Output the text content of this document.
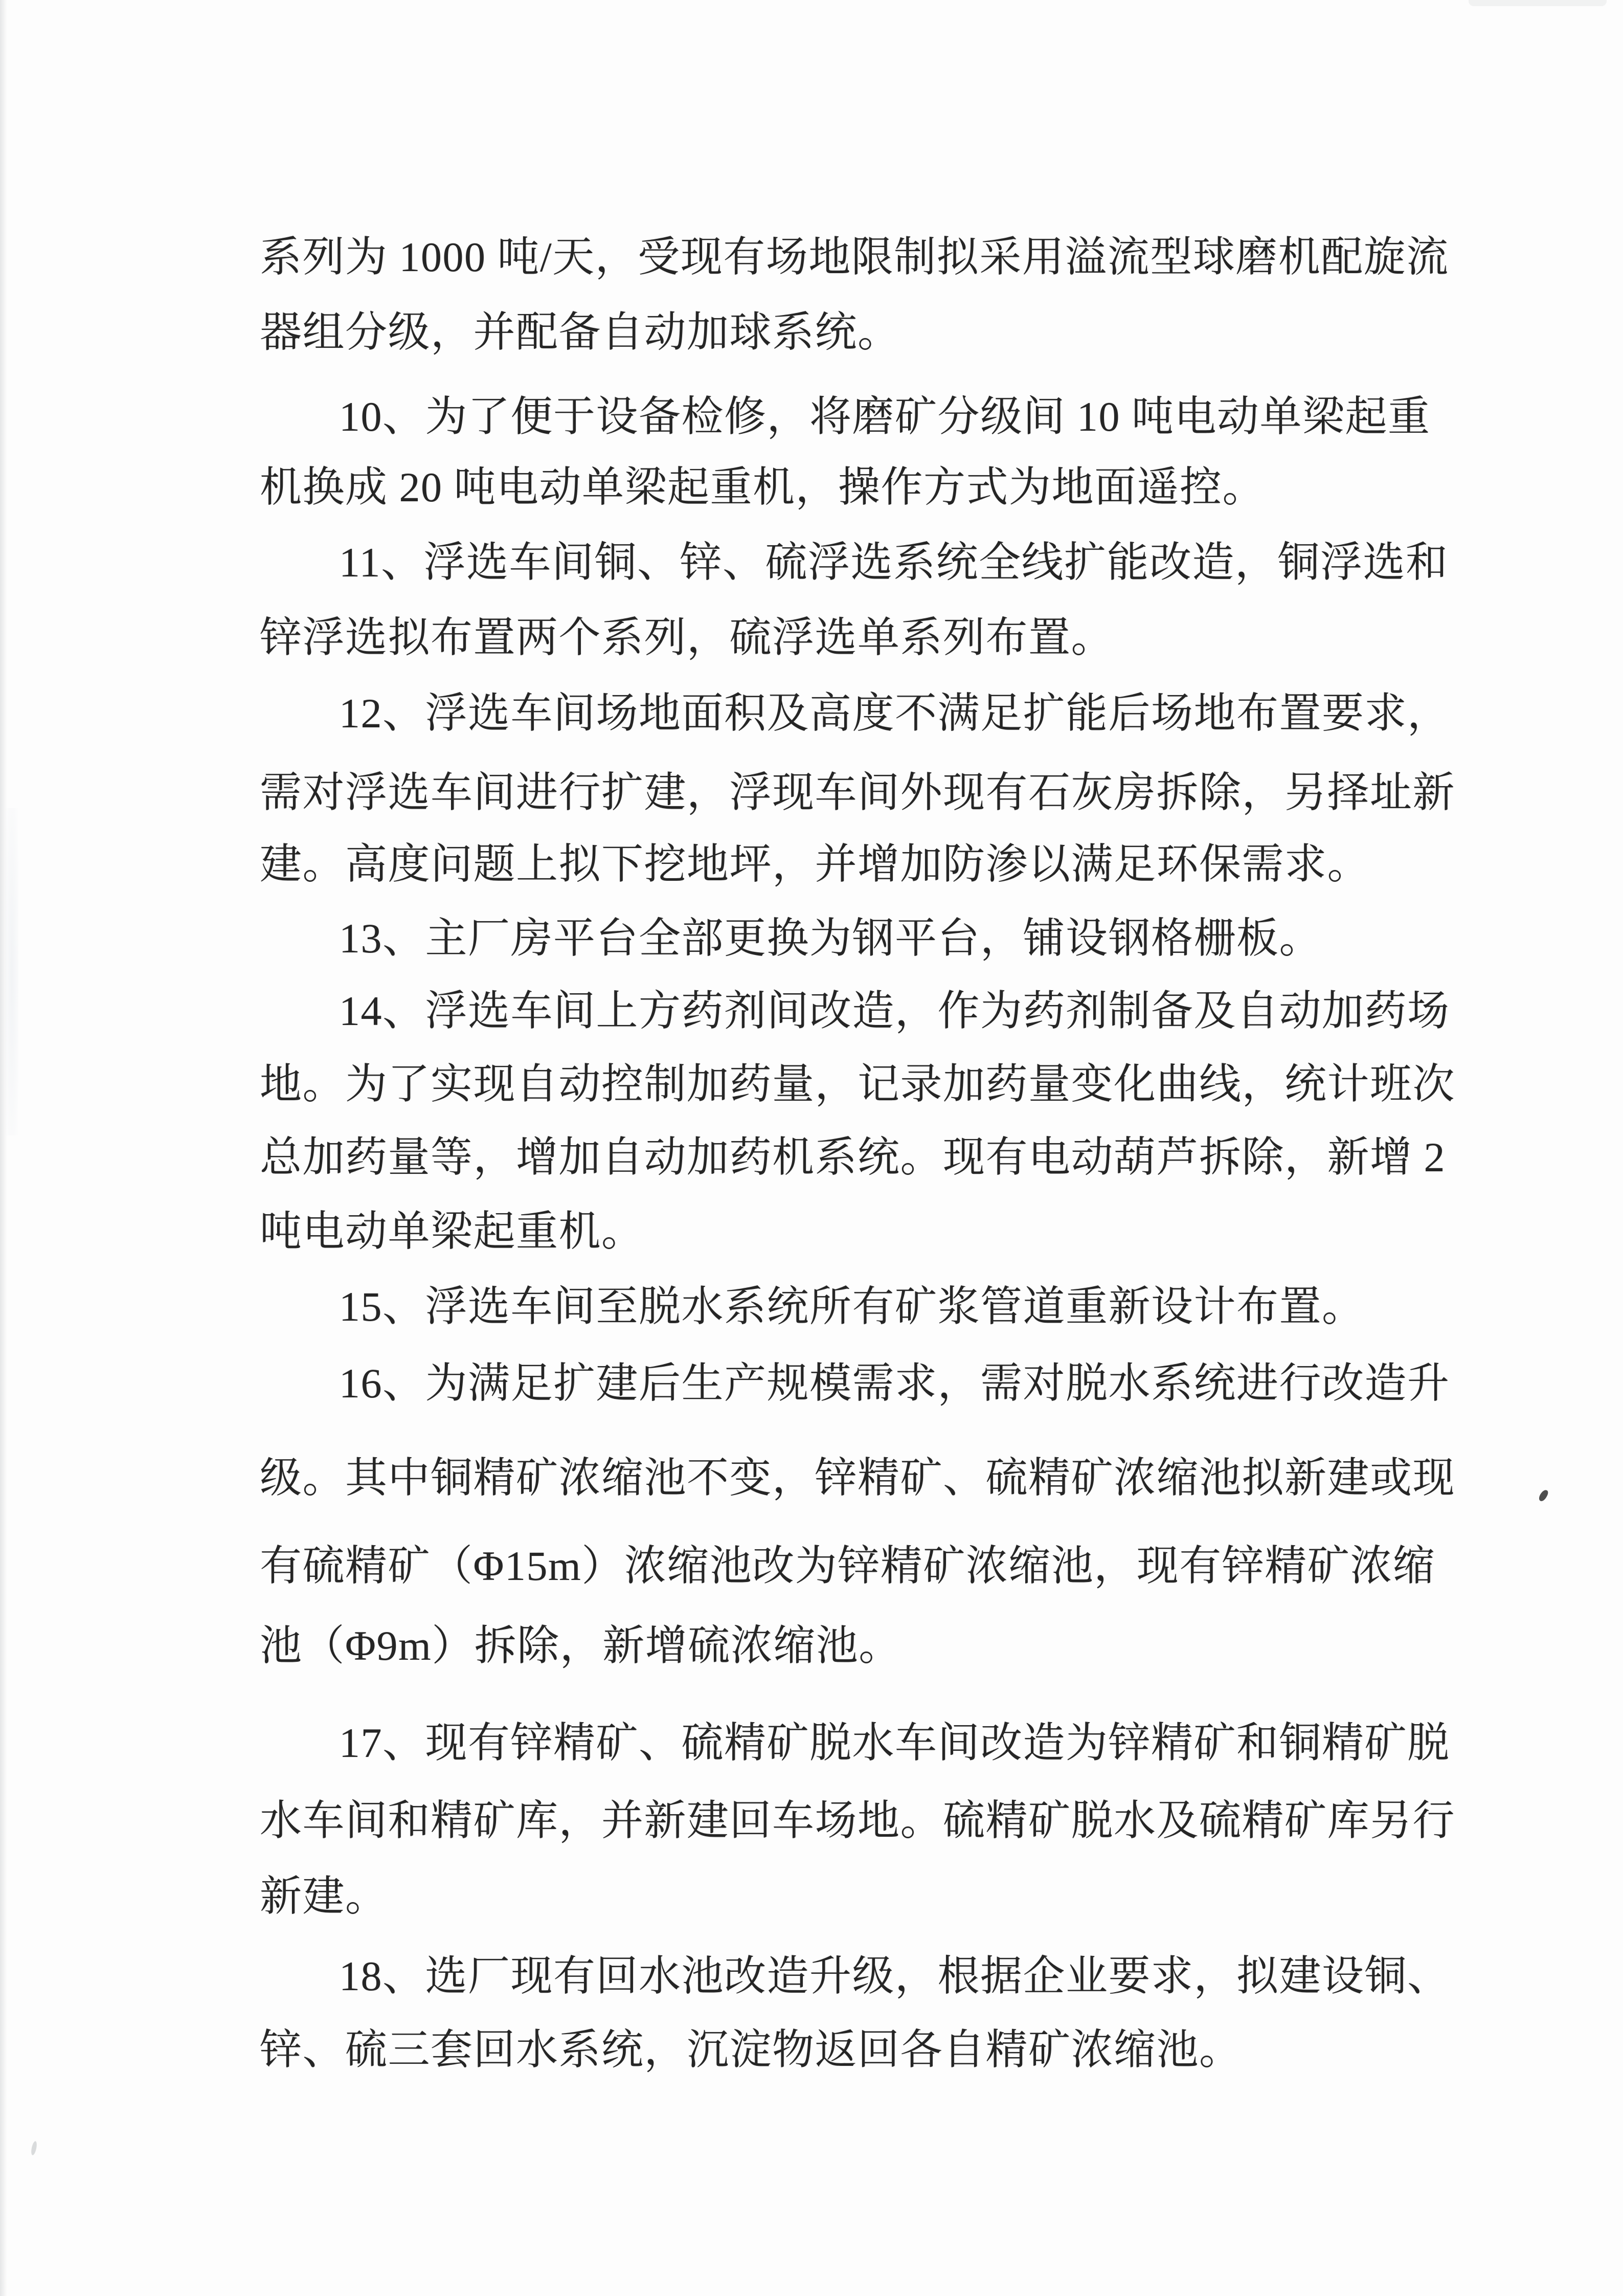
系列为 1000 吨/天，受现有场地限制拟采用溢流型球磨机配旋流
器组分级，并配备自动加球系统。
10、为了便于设备检修，将磨矿分级间 10 吨电动单梁起重
机换成 20 吨电动单梁起重机，操作方式为地面遥控。
11、浮选车间铜、锌、硫浮选系统全线扩能改造，铜浮选和
锌浮选拟布置两个系列，硫浮选单系列布置。
12、浮选车间场地面积及高度不满足扩能后场地布置要求，
需对浮选车间进行扩建，浮现车间外现有石灰房拆除，另择址新
建。高度问题上拟下挖地坪，并增加防渗以满足环保需求。
13、主厂房平台全部更换为钢平台，铺设钢格栅板。
14、浮选车间上方药剂间改造，作为药剂制备及自动加药场
地。为了实现自动控制加药量，记录加药量变化曲线，统计班次
总加药量等，增加自动加药机系统。现有电动葫芦拆除，新增 2
吨电动单梁起重机。
15、浮选车间至脱水系统所有矿浆管道重新设计布置。
16、为满足扩建后生产规模需求，需对脱水系统进行改造升
级。其中铜精矿浓缩池不变，锌精矿、硫精矿浓缩池拟新建或现
有硫精矿（Φ15m）浓缩池改为锌精矿浓缩池，现有锌精矿浓缩
池（Φ9m）拆除，新增硫浓缩池。
17、现有锌精矿、硫精矿脱水车间改造为锌精矿和铜精矿脱
水车间和精矿库，并新建回车场地。硫精矿脱水及硫精矿库另行
新建。
18、选厂现有回水池改造升级，根据企业要求，拟建设铜、
锌、硫三套回水系统，沉淀物返回各自精矿浓缩池。
